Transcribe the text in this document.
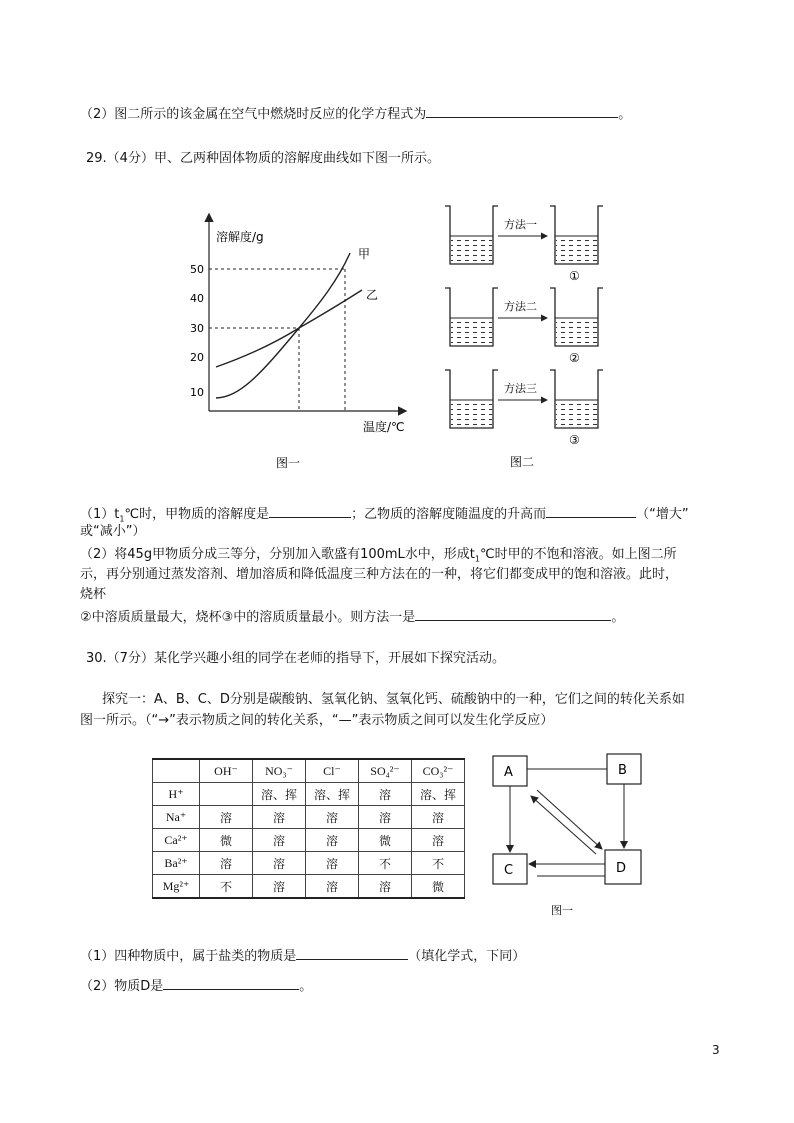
（2）图二所示的该金属在空气中燃烧时反应的化学方程式为	。
29.（4分）甲、乙两种固体物质的溶解度曲线如下图一所示。
溶解度/g
温度/℃
50
40
30
20
10
甲
乙
图一
方法一
①
方法二
②
方法三
③
图二
$(1)t_1℃$时，甲物质的溶解度是	；乙物质的溶解度随温度的升高而	（“增大”
或“减小”）
（2）将45g甲物质分成三等分，分别加入歌盛有100mL水中，形成$t_1℃$时甲的不饱和溶液。如上图二所
示，再分别通过蒸发溶剂、增加溶质和降低温度三种方法在的一种，将它们都变成甲的饱和溶液。此时，
烧杯
②中溶质质量最大，烧杯③中的溶质质量最小。则方法一是	。
30.（7分）某化学兴趣小组的同学在老师的指导下，开展如下探究活动。
探究一：A、B、C、D分别是碳酸钠、氢氧化钠、氢氧化钙、硫酸钠中的一种，它们之间的转化关系如
图一所示。（“→”表示物质之间的转化关系，“—”表示物质之间可以发生化学反应）
	OH⁻	NO₃⁻	Cl⁻	SO₄²⁻	CO₃²⁻
H⁺		溶、挥	溶、挥	溶	溶、挥
Na⁺	溶	溶	溶	溶	溶
Ca²⁺	微	溶	溶	微	溶
Ba²⁺	溶	溶	溶	不	不
Mg²⁺	不	溶	溶	溶	微
A	B
C	D
图一
（1）四种物质中，属于盐类的物质是	（填化学式，下同）
（2）物质D是	。
3
